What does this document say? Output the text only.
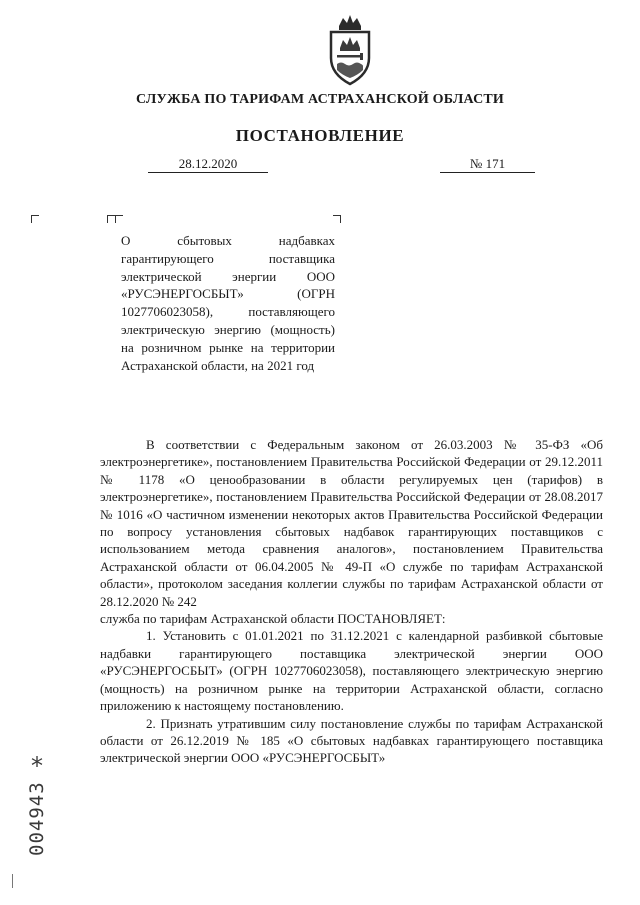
СЛУЖБА ПО ТАРИФАМ АСТРАХАНСКОЙ ОБЛАСТИ
ПОСТАНОВЛЕНИЕ
28.12.2020	№ 171

О сбытовых надбавках гарантирующего поставщика электрической энергии ООО «РУСЭНЕРГОСБЫТ» (ОГРН 1027706023058), поставляющего электрическую энергию (мощность) на розничном рынке на территории Астраханской области, на 2021 год

В соответствии с Федеральным законом от 26.03.2003 № 35-ФЗ «Об электроэнергетике», постановлением Правительства Российской Федерации от 29.12.2011 № 1178 «О ценообразовании в области регулируемых цен (тарифов) в электроэнергетике», постановлением Правительства Российской Федерации от 28.08.2017 № 1016 «О частичном изменении некоторых актов Правительства Российской Федерации по вопросу установления сбытовых надбавок гарантирующих поставщиков с использованием метода сравнения аналогов», постановлением Правительства Астраханской области от 06.04.2005 № 49-П «О службе по тарифам Астраханской области», протоколом заседания коллегии службы по тарифам Астраханской области от 28.12.2020 № 242

служба по тарифам Астраханской области ПОСТАНОВЛЯЕТ:

1. Установить с 01.01.2021 по 31.12.2021 с календарной разбивкой сбытовые надбавки гарантирующего поставщика электрической энергии ООО «РУСЭНЕРГОСБЫТ» (ОГРН 1027706023058), поставляющего электрическую энергию (мощность) на розничном рынке на территории Астраханской области, согласно приложению к настоящему постановлению.

2. Признать утратившим силу постановление службы по тарифам Астраханской области от 26.12.2019 № 185 «О сбытовых надбавках гарантирующего поставщика электрической энергии ООО «РУСЭНЕРГОСБЫТ»

*
004943
